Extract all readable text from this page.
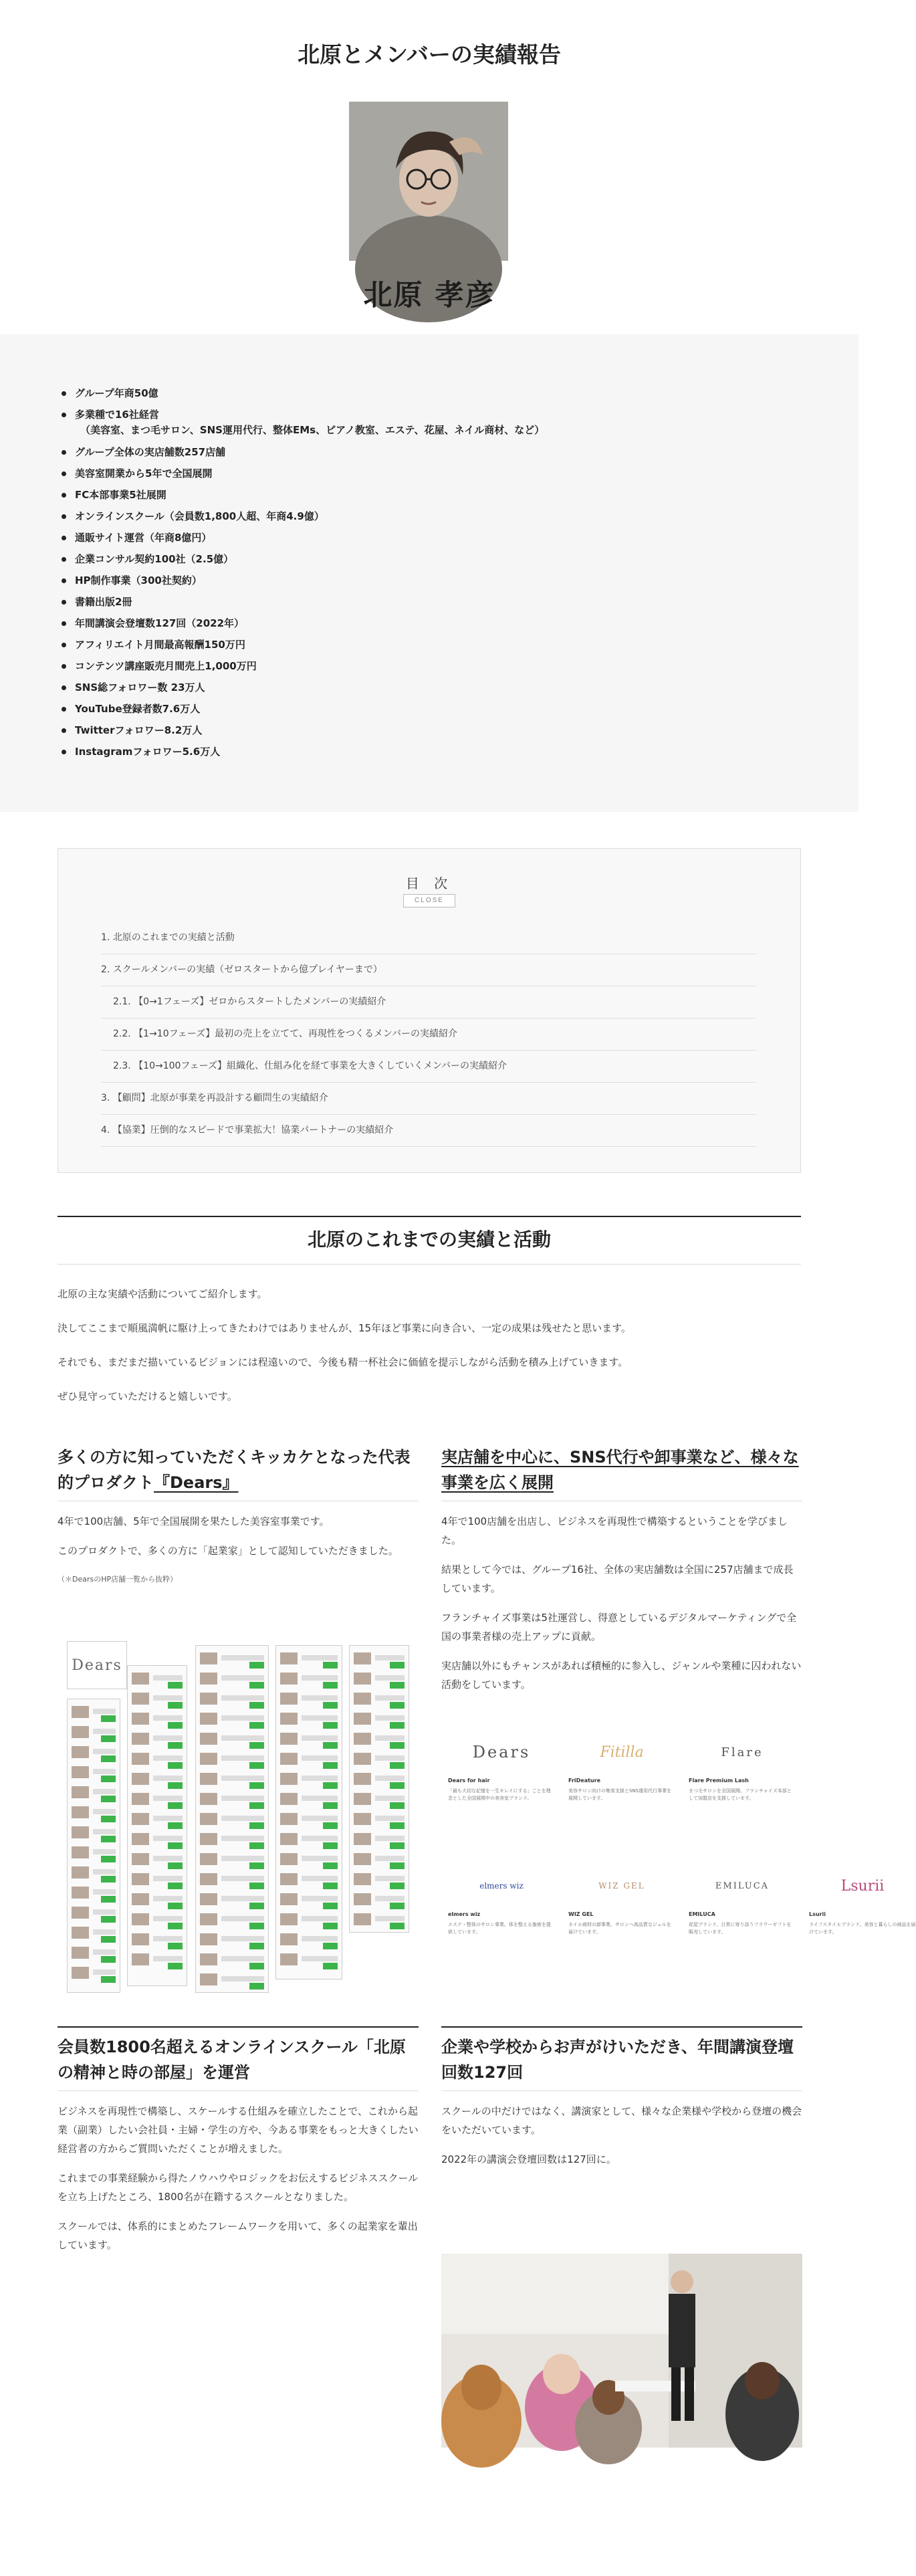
北原とメンバーの実績報告
北原 孝彦
グループ年商50億
多業種で16社経営
（美容室、まつ毛サロン、SNS運用代行、整体EMs、ピアノ教室、エステ、花屋、ネイル商材、など）
グループ全体の実店舗数257店舗
美容室開業から5年で全国展開
FC本部事業5社展開
オンラインスクール（会員数1,800人超、年商4.9億）
通販サイト運営（年商8億円）
企業コンサル契約100社（2.5億）
HP制作事業（300社契約）
書籍出版2冊
年間講演会登壇数127回（2022年）
アフィリエイト月間最高報酬150万円
コンテンツ講座販売月間売上1,000万円
SNS総フォロワー数 23万人
YouTube登録者数7.6万人
Twitterフォロワー8.2万人
Instagramフォロワー5.6万人
目 次
CLOSE
1. 北原のこれまでの実績と活動
2. スクールメンバーの実績（ゼロスタートから億プレイヤーまで）
2.1. 【0→1フェーズ】ゼロからスタートしたメンバーの実績紹介
2.2. 【1→10フェーズ】最初の売上を立てて、再現性をつくるメンバーの実績紹介
2.3. 【10→100フェーズ】組織化、仕組み化を経て事業を大きくしていくメンバーの実績紹介
3. 【顧問】北原が事業を再設計する顧問生の実績紹介
4. 【協業】圧倒的なスピードで事業拡大！協業パートナーの実績紹介
北原のこれまでの実績と活動

北原の主な実績や活動についてご紹介します。

決してここまで順風満帆に駆け上ってきたわけではありませんが、15年ほど事業に向き合い、一定の成果は残せたと思います。

それでも、まだまだ描いているビジョンには程遠いので、今後も精一杯社会に価値を提示しながら活動を積み上げていきます。

ぜひ見守っていただけると嬉しいです。

多くの方に知っていただくキッカケとなった代表的プロダクト『Dears』

4年で100店舗、5年で全国展開を果たした美容室事業です。

このプロダクトで、多くの方に「起業家」として認知していただきました。

（＊DearsのHP店舗一覧から抜粋）
Dears
実店舗を中心に、SNS代行や卸事業など、様々な事業を広く展開

4年で100店舗を出店し、ビジネスを再現性で構築するということを学びました。

結果として今では、グループ16社、全体の実店舗数は全国に257店舗まで成長しています。

フランチャイズ事業は5社運営し、得意としているデジタルマーケティングで全国の事業者様の売上アップに貢献。

実店舗以外にもチャンスがあれば積極的に参入し、ジャンルや業種に囚われない活動をしています。

Dears
Dears for hair
「最も大切な記憶を一生キレイにする」ことを理念とした全国展開中の美容室ブランド。
Fitilla
FriDeature
美容サロン向けの集客支援とSNS運用代行事業を展開しています。
Flare
Flare Premium Lash
まつ毛サロンを全国展開。フランチャイズ本部として加盟店を支援しています。
elmers wiz
elmers wiz
エステ・整体のサロン事業。体を整える施術を提供しています。
WIZ GEL
WIZ GEL
ネイル商材の卸事業。サロンへ高品質なジェルを届けています。
EMILUCA
EMILUCA
花屋ブランド。日常に寄り添うフラワーギフトを販売しています。
Lsurii
Lsurii
ライフスタイルブランド。美容と暮らしの商品を届けています。
会員数1800名超えるオンラインスクール「北原の精神と時の部屋」を運営

ビジネスを再現性で構築し、スケールする仕組みを確立したことで、これから起業（副業）したい会社員・主婦・学生の方や、今ある事業をもっと大きくしたい経営者の方からご質問いただくことが増えました。

これまでの事業経験から得たノウハウやロジックをお伝えするビジネススクールを立ち上げたところ、1800名が在籍するスクールとなりました。

スクールでは、体系的にまとめたフレームワークを用いて、多くの起業家を輩出しています。

企業や学校からお声がけいただき、年間講演登壇回数127回

スクールの中だけではなく、講演家として、様々な企業様や学校から登壇の機会をいただいています。

2022年の講演会登壇回数は127回に。
